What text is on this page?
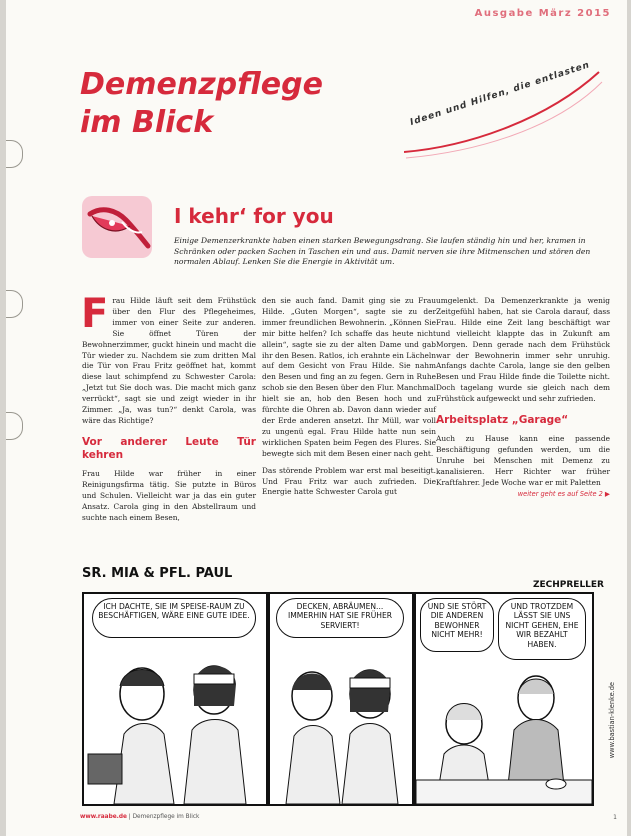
Ausgabe März 2015
Demenzpflege
im Blick	Ideen und Hilfen, die entlasten
I kehr‘ for you
Einige Demenzerkrankte haben einen starken Bewegungsdrang. Sie laufen ständig hin und her, kramen in Schränken oder packen Sachen in Taschen ein und aus. Damit nerven sie ihre Mitmenschen und stören den normalen Ablauf. Lenken Sie die Energie in Aktivität um.
F rau Hilde läuft seit dem Frühstück über den Flur des Pflegeheimes, immer von einer Seite zur anderen. Sie öffnet Türen der Bewohnerzimmer, guckt hinein und macht die Tür wieder zu. Nachdem sie zum dritten Mal die Tür von Frau Fritz geöffnet hat, kommt diese laut schimpfend zu Schwester Carola: „Jetzt tut Sie doch was. Die macht mich ganz verrückt“, sagt sie und zeigt wieder in ihr Zimmer. „Ja, was tun?“ denkt Carola, was wäre das Richtige?

Vor anderer Leute Tür kehren

Frau Hilde war früher in einer Reinigungsfirma tätig. Sie putzte in Büros und Schulen. Vielleicht war ja das ein guter Ansatz. Carola ging in den Abstellraum und suchte nach einem Besen,

den sie auch fand. Damit ging sie zu Frau Hilde. „Guten Morgen“, sagte sie zu der immer freundlichen Bewohnerin. „Können Sie mir bitte helfen? Ich schaffe das heute nicht allein“, sagte sie zu der alten Dame und gab ihr den Besen. Ratlos, ich erahnte ein Lächeln auf dem Gesicht von Frau Hilde. Sie nahm den Besen und fing an zu fegen. Gern in Ruhe schob sie den Besen über den Flur. Manchmal hielt sie an, hob den Besen hoch und zu fürchte die Ohren ab. Davon dann wieder auf der Erde anderen ansetzt. Ihr Müll, war voll zu ungenü egal. Frau Hilde hatte nun sein wirklichen Spaten beim Fegen des Flures. Sie bewegte sich mit dem Besen einer nach geht.

Das störende Problem war erst mal beseitigt. Und Frau Fritz war auch zufrieden. Die Energie hatte Schwester Carola gut

umgelenkt. Da Demenzerkrankte ja wenig Zeitgefühl haben, hat sie Carola darauf, dass Frau. Hilde eine Zeit lang beschäftigt war und vielleicht klappte das in Zukunft am Morgen. Denn gerade nach dem Frühstück war der Bewohnerin immer sehr unruhig. Anfangs dachte Carola, lange sie den gelben Besen und Frau Hilde finde die Toilette nicht. Doch tagelang wurde sie gleich nach dem Frühstück aufgeweckt und sehr zufrieden.

Arbeitsplatz „Garage“

Auch zu Hause kann eine passende Beschäftigung gefunden werden, um die Unruhe bei Menschen mit Demenz zu kanalisieren. Herr Richter war früher Kraftfahrer. Jede Woche war er mit Paletten

weiter geht es auf Seite 2 ▶
SR. MIA & PFL. PAUL
ZECHPRELLER
ICH DACHTE, SIE IM SPEISE-RAUM ZU BESCHÄFTIGEN, WÄRE EINE GUTE IDEE.
DECKEN, ABRÄUMEN... IMMERHIN HAT SIE FRÜHER SERVIERT!
UND SIE STÖRT DIE ANDEREN BEWOHNER NICHT MEHR!
UND TROTZDEM LÄSST SIE UNS NICHT GEHEN, EHE WIR BEZAHLT HABEN.
www.bastian-klenke.de
www.raabe.de | Demenzpflege im Blick	1
